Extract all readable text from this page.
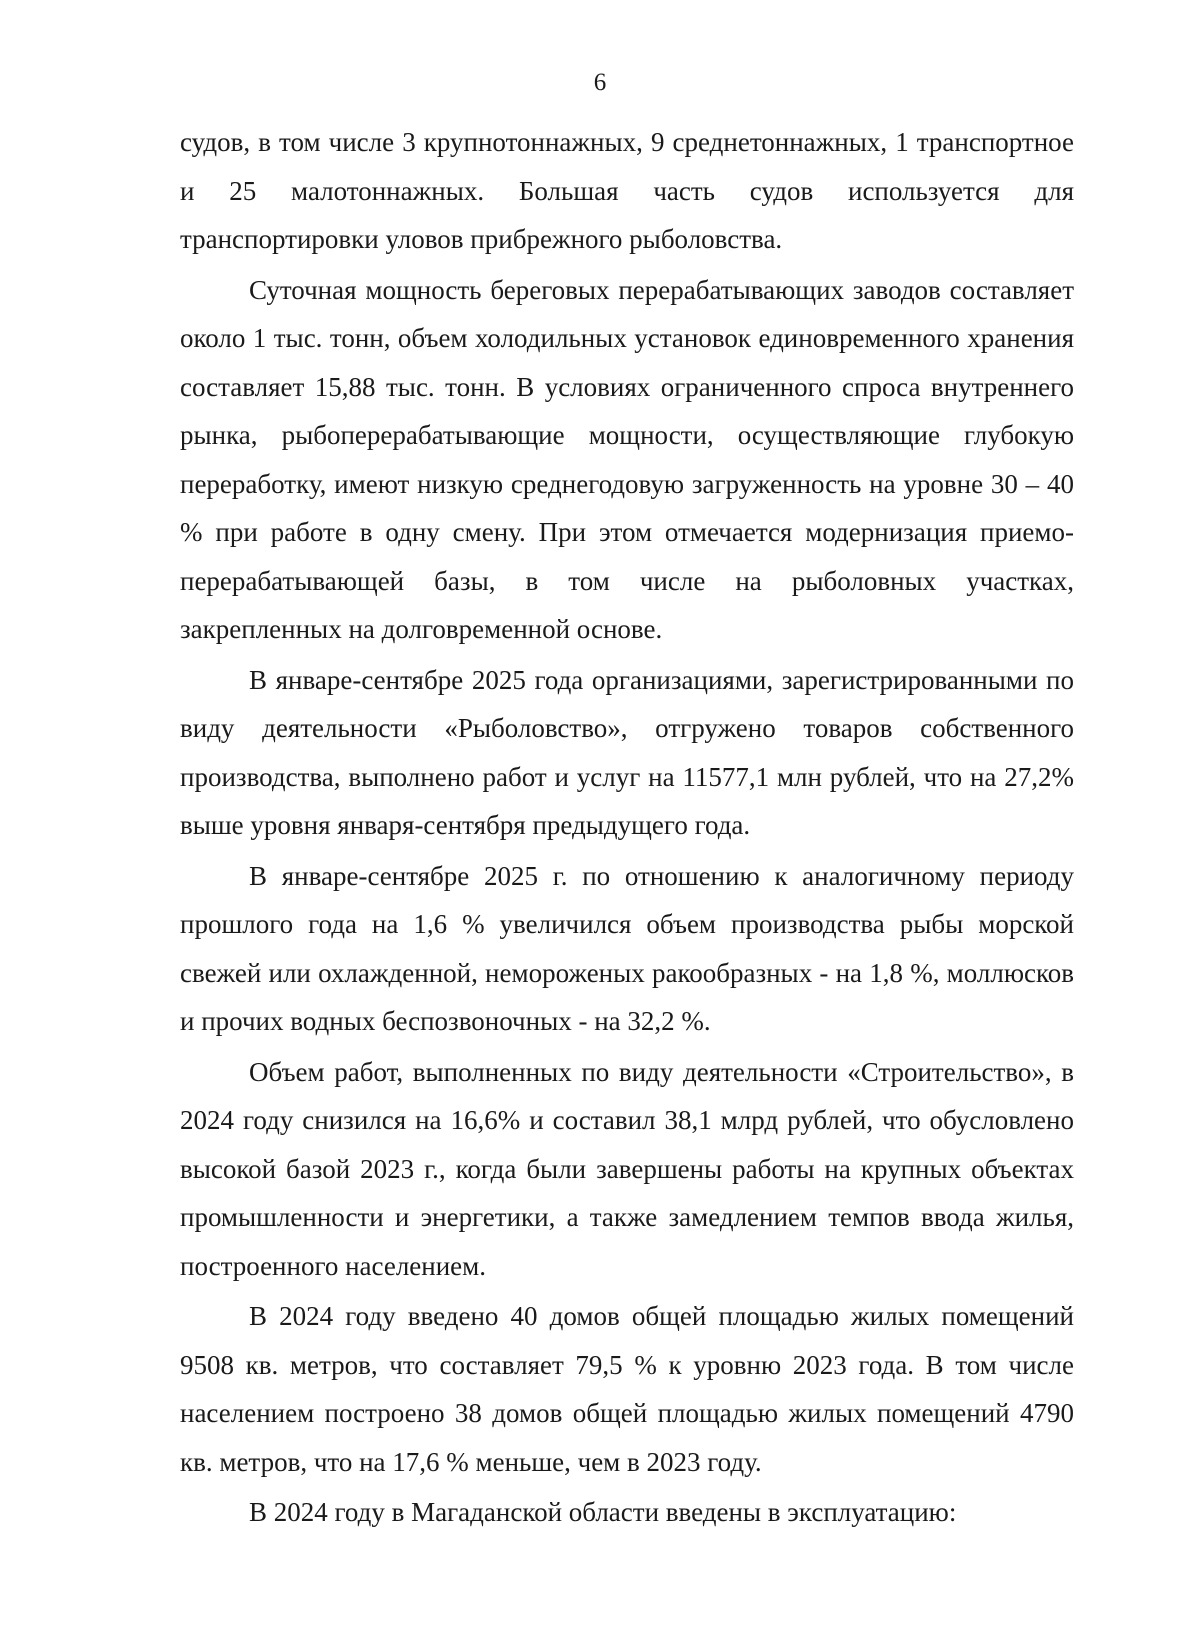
6

судов, в том числе 3 крупнотоннажных, 9 среднетоннажных, 1 транспортное и 25 малотоннажных. Большая часть судов используется для транспортировки уловов прибрежного рыболовства.

Суточная мощность береговых перерабатывающих заводов составляет около 1 тыс. тонн, объем холодильных установок единовременного хранения составляет 15,88 тыс. тонн. В условиях ограниченного спроса внутреннего рынка, рыбоперерабатывающие мощности, осуществляющие глубокую переработку, имеют низкую среднегодовую загруженность на уровне 30 – 40 % при работе в одну смену. При этом отмечается модернизация приемо-перерабатывающей базы, в том числе на рыболовных участках, закрепленных на долговременной основе.

В январе-сентябре 2025 года организациями, зарегистрированными по виду деятельности «Рыболовство», отгружено товаров собственного производства, выполнено работ и услуг на 11577,1 млн рублей, что на 27,2% выше уровня января-сентября предыдущего года.

В январе-сентябре 2025 г. по отношению к аналогичному периоду прошлого года на 1,6 % увеличился объем производства рыбы морской свежей или охлажденной, немороженых ракообразных - на 1,8 %, моллюсков и прочих водных беспозвоночных - на 32,2 %.

Объем работ, выполненных по виду деятельности «Строительство», в 2024 году снизился на 16,6% и составил 38,1 млрд рублей, что обусловлено высокой базой 2023 г., когда были завершены работы на крупных объектах промышленности и энергетики, а также замедлением темпов ввода жилья, построенного населением.

В 2024 году введено 40 домов общей площадью жилых помещений 9508 кв. метров, что составляет 79,5 % к уровню 2023 года. В том числе населением построено 38 домов общей площадью жилых помещений 4790 кв. метров, что на 17,6 % меньше, чем в 2023 году.

В 2024 году в Магаданской области введены в эксплуатацию:
